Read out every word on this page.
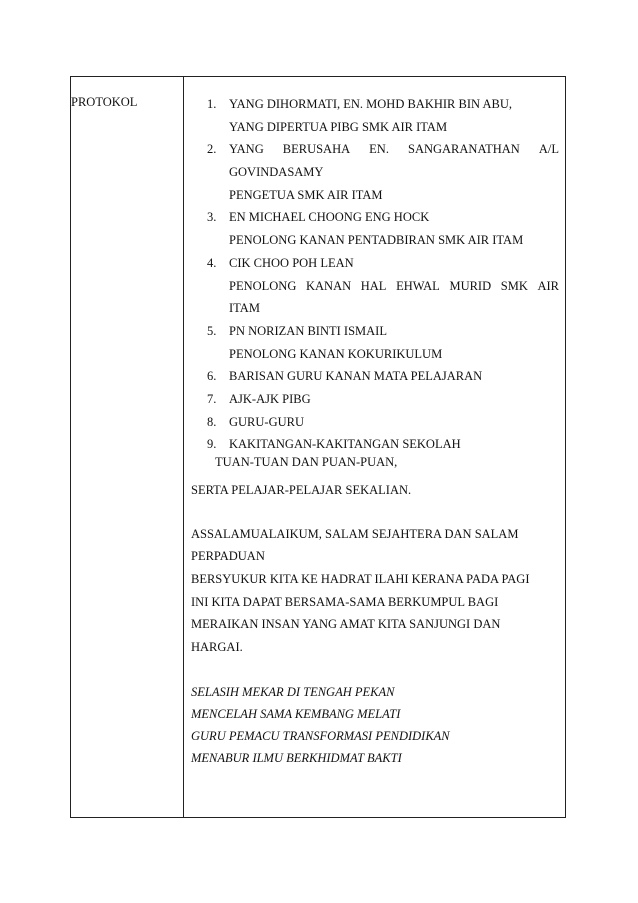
PROTOKOL	1.	YANG DIHORMATI, EN. MOHD BAKHIR BIN ABU,
YANG DIPERTUA PIBG SMK AIR ITAM
2.	YANG BERUSAHA EN. SANGARANATHAN A/L
GOVINDASAMY
PENGETUA SMK AIR ITAM
3.	EN MICHAEL CHOONG ENG HOCK
PENOLONG KANAN PENTADBIRAN SMK AIR ITAM
4.	CIK CHOO POH LEAN
PENOLONG KANAN HAL EHWAL MURID SMK AIR
ITAM
5.	PN NORIZAN BINTI ISMAIL
PENOLONG KANAN KOKURIKULUM
6.	BARISAN GURU KANAN MATA PELAJARAN
7.	AJK-AJK PIBG
8.	GURU-GURU
9.	KAKITANGAN-KAKITANGAN SEKOLAH
TUAN-TUAN DAN PUAN-PUAN,
SERTA PELAJAR-PELAJAR SEKALIAN.
ASSALAMUALAIKUM, SALAM SEJAHTERA DAN SALAM
PERPADUAN
BERSYUKUR KITA KE HADRAT ILAHI KERANA PADA PAGI
INI KITA DAPAT BERSAMA-SAMA BERKUMPUL BAGI
MERAIKAN INSAN YANG AMAT KITA SANJUNGI DAN
HARGAI.
SELASIH MEKAR DI TENGAH PEKAN
MENCELAH SAMA KEMBANG MELATI
GURU PEMACU TRANSFORMASI PENDIDIKAN
MENABUR ILMU BERKHIDMAT BAKTI
